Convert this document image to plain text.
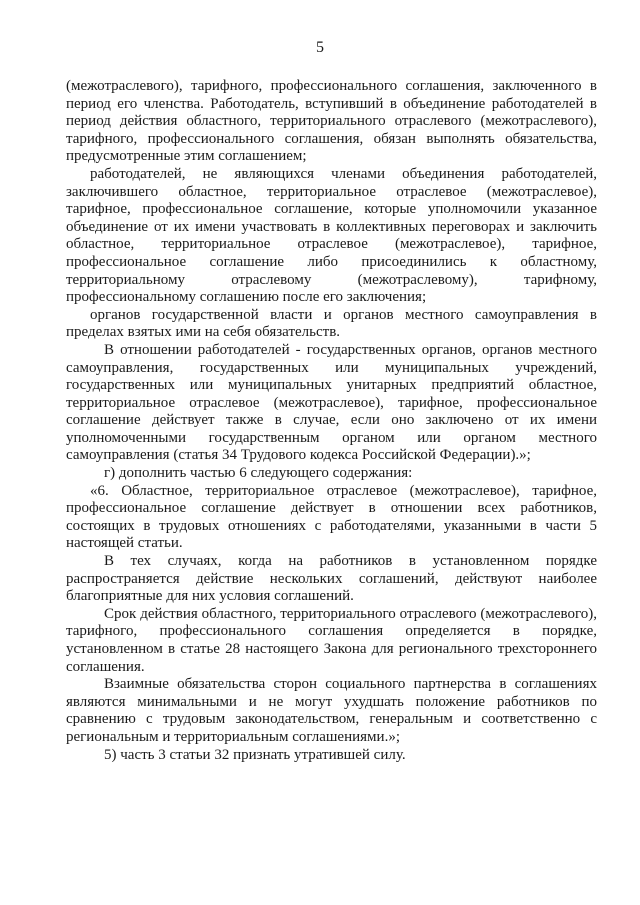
5

(межотраслевого), тарифного, профессионального соглашения, заключенного в период его членства. Работодатель, вступивший в объединение работодателей в период действия областного, территориального отраслевого (межотраслевого), тарифного, профессионального соглашения, обязан выполнять обязательства, предусмотренные этим соглашением;

работодателей, не являющихся членами объединения работодателей, заключившего областное, территориальное отраслевое (межотраслевое), тарифное, профессиональное соглашение, которые уполномочили указанное объединение от их имени участвовать в коллективных переговорах и заключить областное, территориальное отраслевое (межотраслевое), тарифное, профессиональное соглашение либо присоединились к областному, территориальному отраслевому (межотраслевому), тарифному, профессиональному соглашению после его заключения;

органов государственной власти и органов местного самоуправления в пределах взятых ими на себя обязательств.

В отношении работодателей - государственных органов, органов местного самоуправления, государственных или муниципальных учреждений, государственных или муниципальных унитарных предприятий областное, территориальное отраслевое (межотраслевое), тарифное, профессиональное соглашение действует также в случае, если оно заключено от их имени уполномоченными государственным органом или органом местного самоуправления (статья 34 Трудового кодекса Российской Федерации).»;

г) дополнить частью 6 следующего содержания:

«6. Областное, территориальное отраслевое (межотраслевое), тарифное, профессиональное соглашение действует в отношении всех работников, состоящих в трудовых отношениях с работодателями, указанными в части 5 настоящей статьи.

В тех случаях, когда на работников в установленном порядке распространяется действие нескольких соглашений, действуют наиболее благоприятные для них условия соглашений.

Срок действия областного, территориального отраслевого (межотраслевого), тарифного, профессионального соглашения определяется в порядке, установленном в статье 28 настоящего Закона для регионального трехстороннего соглашения.

Взаимные обязательства сторон социального партнерства в соглашениях являются минимальными и не могут ухудшать положение работников по сравнению с трудовым законодательством, генеральным и соответственно с региональным и территориальным соглашениями.»;

5) часть 3 статьи 32 признать утратившей силу.
